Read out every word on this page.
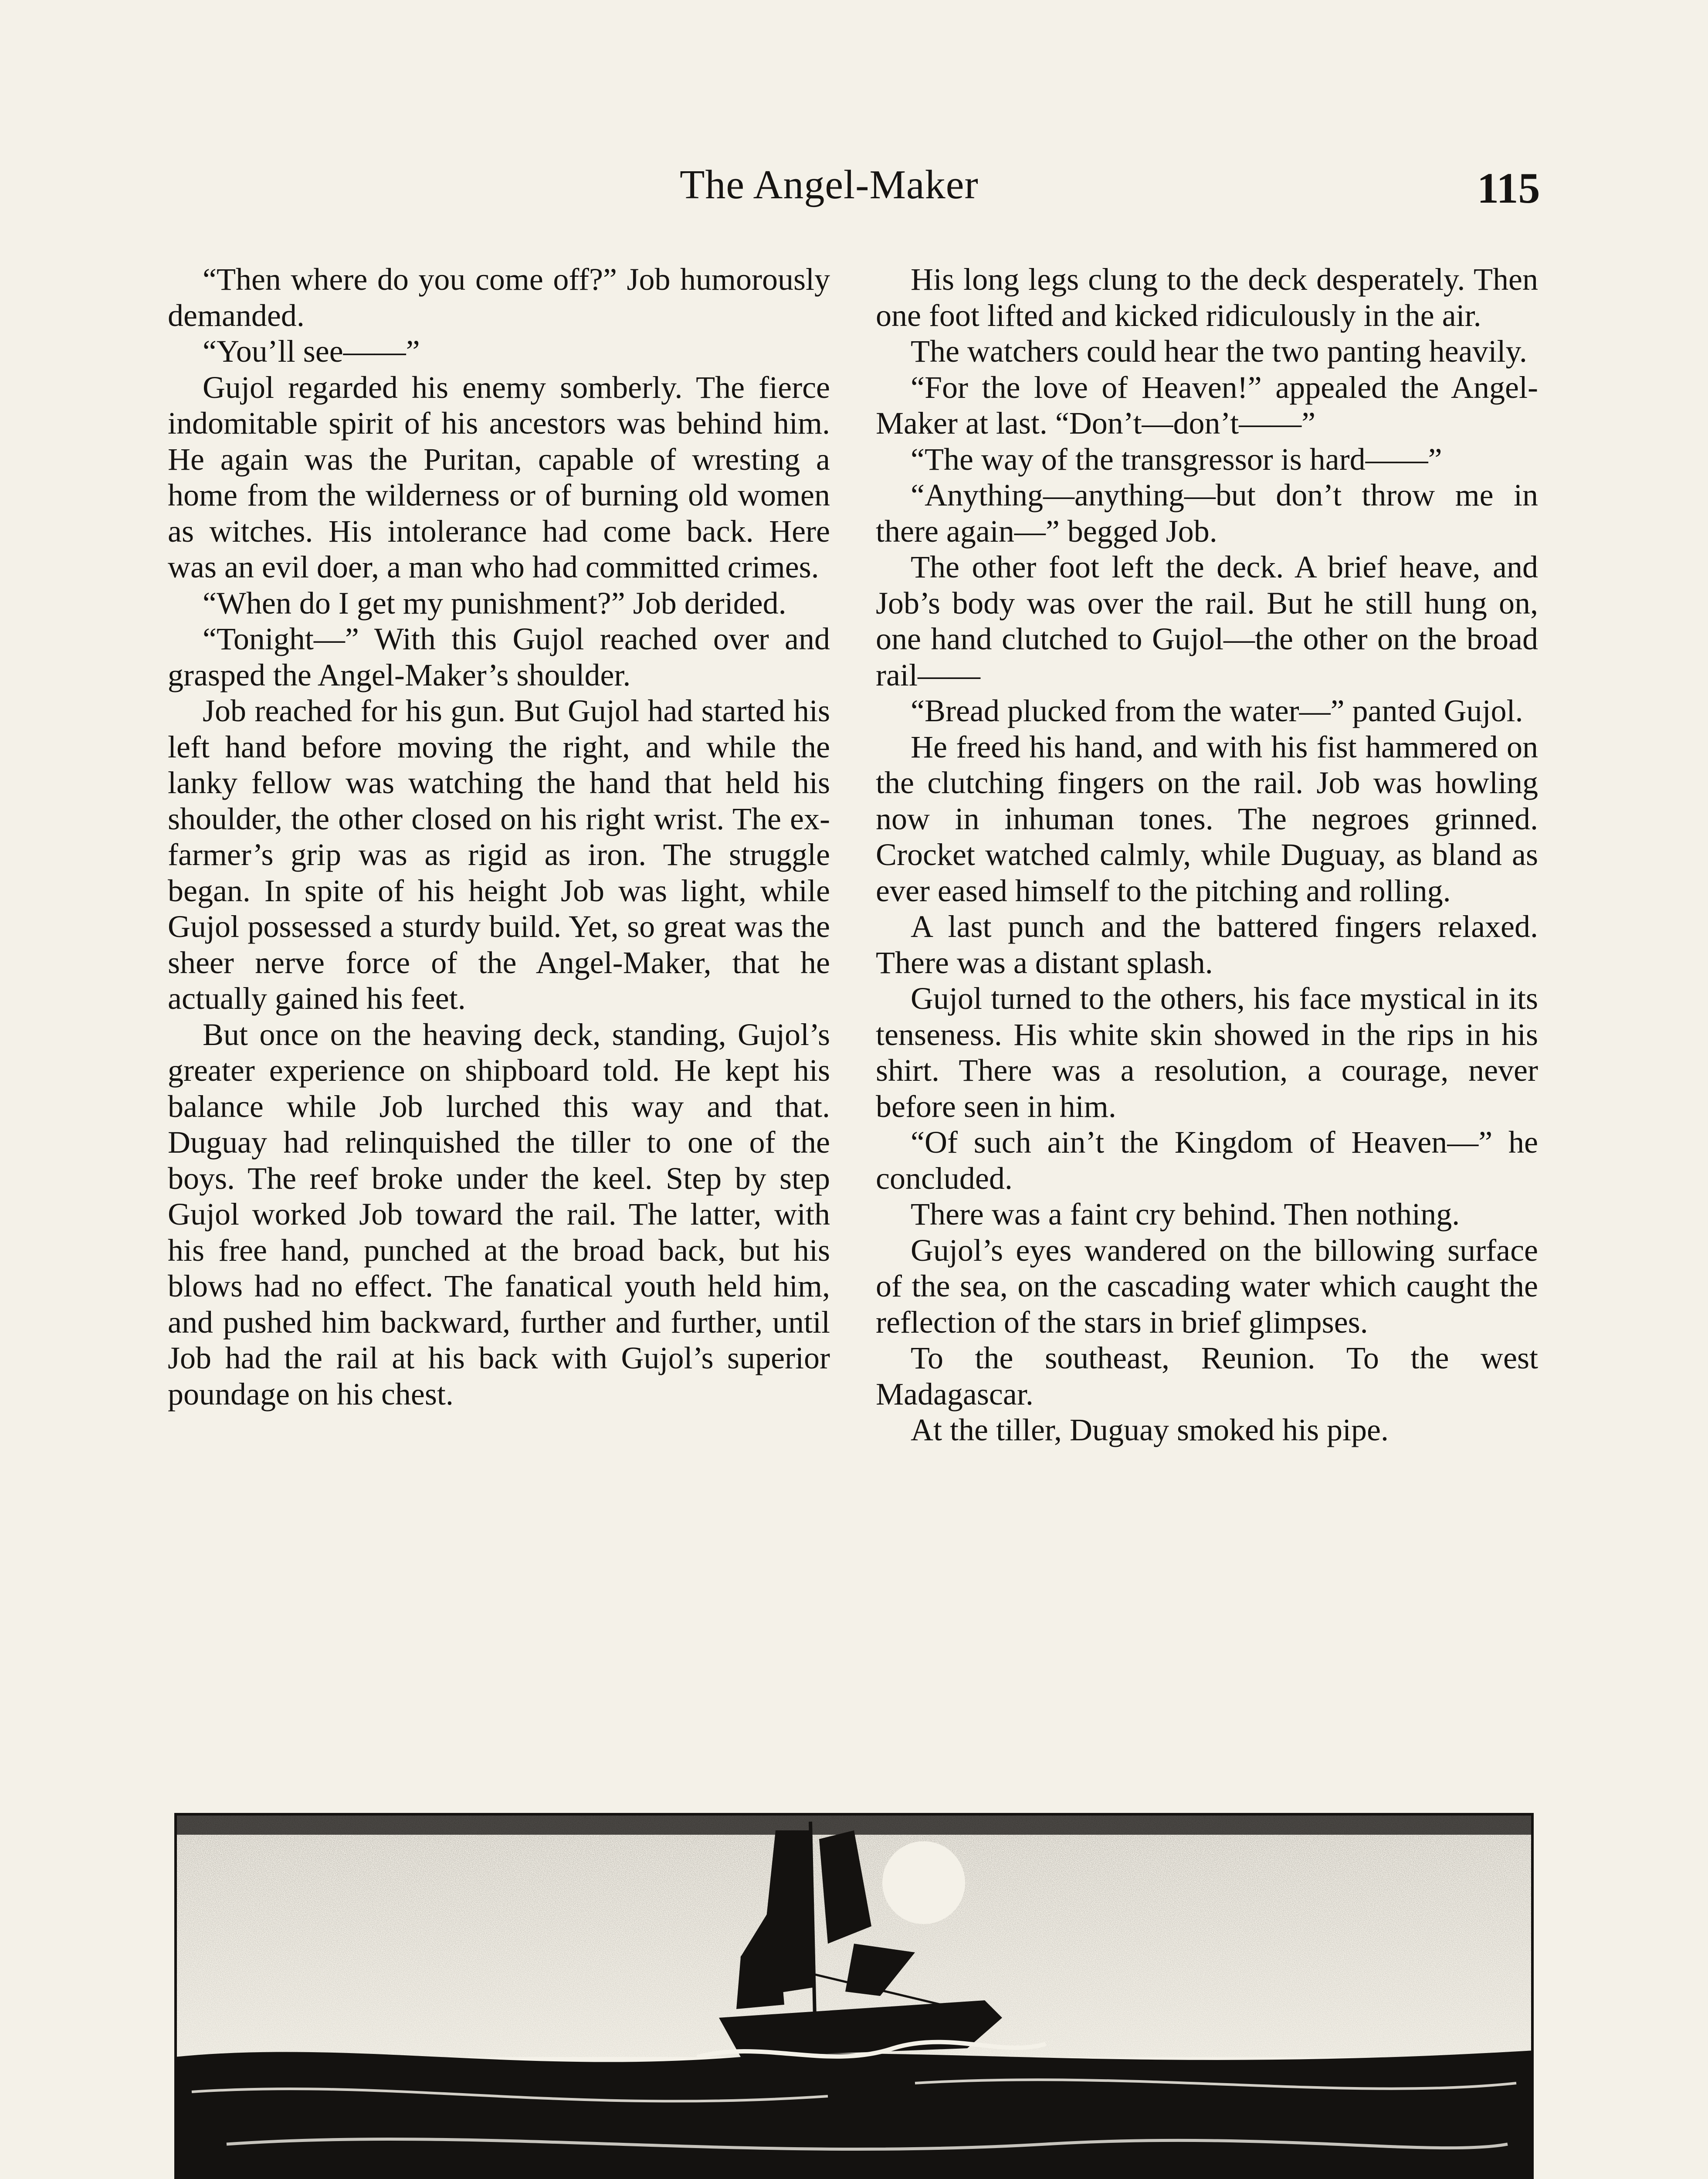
The Angel-Maker	115

“Then where do you come off?” Job humorously demanded.

“You’ll see——”

Gujol regarded his enemy somberly. The fierce indomitable spirit of his ancestors was behind him. He again was the Puritan, capable of wresting a home from the wilderness or of burning old women as witches. His intolerance had come back. Here was an evil doer, a man who had committed crimes.

“When do I get my punishment?” Job derided.

“Tonight—” With this Gujol reached over and grasped the Angel-Maker’s shoulder.

Job reached for his gun. But Gujol had started his left hand before moving the right, and while the lanky fellow was watching the hand that held his shoulder, the other closed on his right wrist. The ex-farmer’s grip was as rigid as iron. The struggle began. In spite of his height Job was light, while Gujol possessed a sturdy build. Yet, so great was the sheer nerve force of the Angel-Maker, that he actually gained his feet.

But once on the heaving deck, standing, Gujol’s greater experience on shipboard told. He kept his balance while Job lurched this way and that. Duguay had relinquished the tiller to one of the boys. The reef broke under the keel. Step by step Gujol worked Job toward the rail. The latter, with his free hand, punched at the broad back, but his blows had no effect. The fanatical youth held him, and pushed him backward, further and further, until Job had the rail at his back with Gujol’s superior poundage on his chest.

His long legs clung to the deck desperately. Then one foot lifted and kicked ridiculously in the air.

The watchers could hear the two panting heavily.

“For the love of Heaven!” appealed the Angel-Maker at last. “Don’t—don’t——”

“The way of the transgressor is hard——”

“Anything—anything—but don’t throw me in there again—” begged Job.

The other foot left the deck. A brief heave, and Job’s body was over the rail. But he still hung on, one hand clutched to Gujol—the other on the broad rail——

“Bread plucked from the water—” panted Gujol.

He freed his hand, and with his fist hammered on the clutching fingers on the rail. Job was howling now in inhuman tones. The negroes grinned. Crocket watched calmly, while Duguay, as bland as ever eased himself to the pitching and rolling.

A last punch and the battered fingers relaxed. There was a distant splash.

Gujol turned to the others, his face mystical in its tenseness. His white skin showed in the rips in his shirt. There was a resolution, a courage, never before seen in him.

“Of such ain’t the Kingdom of Heaven—” he concluded.

There was a faint cry behind. Then nothing.

Gujol’s eyes wandered on the billowing surface of the sea, on the cascading water which caught the reflection of the stars in brief glimpses.

To the southeast, Reunion. To the west Madagascar.

At the tiller, Duguay smoked his pipe.
